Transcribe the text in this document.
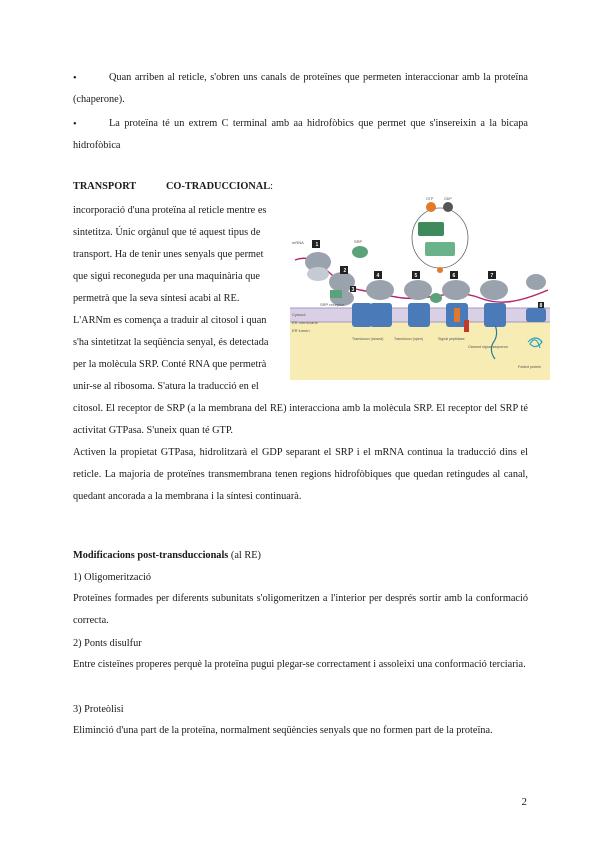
•	Quan arriben al reticle, s'obren uns canals de proteïnes que permeten interaccionar amb la proteïna (chaperone).
•	La proteïna té un extrem C terminal amb aa hidrofòbics que permet que s'insereixin a la bicapa hidrofòbica
TRANSPORT	CO-TRADUCCIONAL:
incorporació d'una proteïna al reticle mentre es
sintetitza. Únic orgànul que té aquest tipus de
transport. Ha de tenir unes senyals que permet
que sigui reconeguda per una maquinària que
permetrà que la seva síntesi acabi al RE.
L'ARNm es comença a traduir al citosol i quan
s'ha sintetitzat la seqüència senyal, és detectada
per la molècula SRP. Conté RNA que permetrà
unir-se al ribosoma. S'atura la traducció en el
mRNA	SRP
SRP receptor
Cytosol
ER membrane
ER lumen
Translocon (closed)	Translocon (open)	Signal peptidase
Cleaved signal sequence
Folded protein
GTP	GDP
1
2
3
4	5	6	7
8
citosol. El receptor de SRP (a la membrana del RE) interacciona amb la molècula SRP. El receptor del SRP té activitat GTPasa. S'uneix quan té GTP.
Activen la propietat GTPasa, hidrolitzarà el GDP separant el SRP i el mRNA continua la traducció dins el reticle. La majoria de proteïnes transmembrana tenen regions hidrofòbiques que quedan retingudes al canal, quedant ancorada a la membrana i la síntesi continuarà.
Modificacions post-transduccionals (al RE)
1) Oligomerització
Proteïnes formades per diferents subunitats s'oligomeritzen a l'interior per després sortir amb la conformació correcta.
2) Ponts disulfur
Entre cisteïnes properes perquè la proteïna pugui plegar-se correctament i assoleixi una conformació terciaria.
3) Proteòlisi
Eliminció d'una part de la proteïna, normalment seqüències senyals que no formen part de la proteïna.
2
